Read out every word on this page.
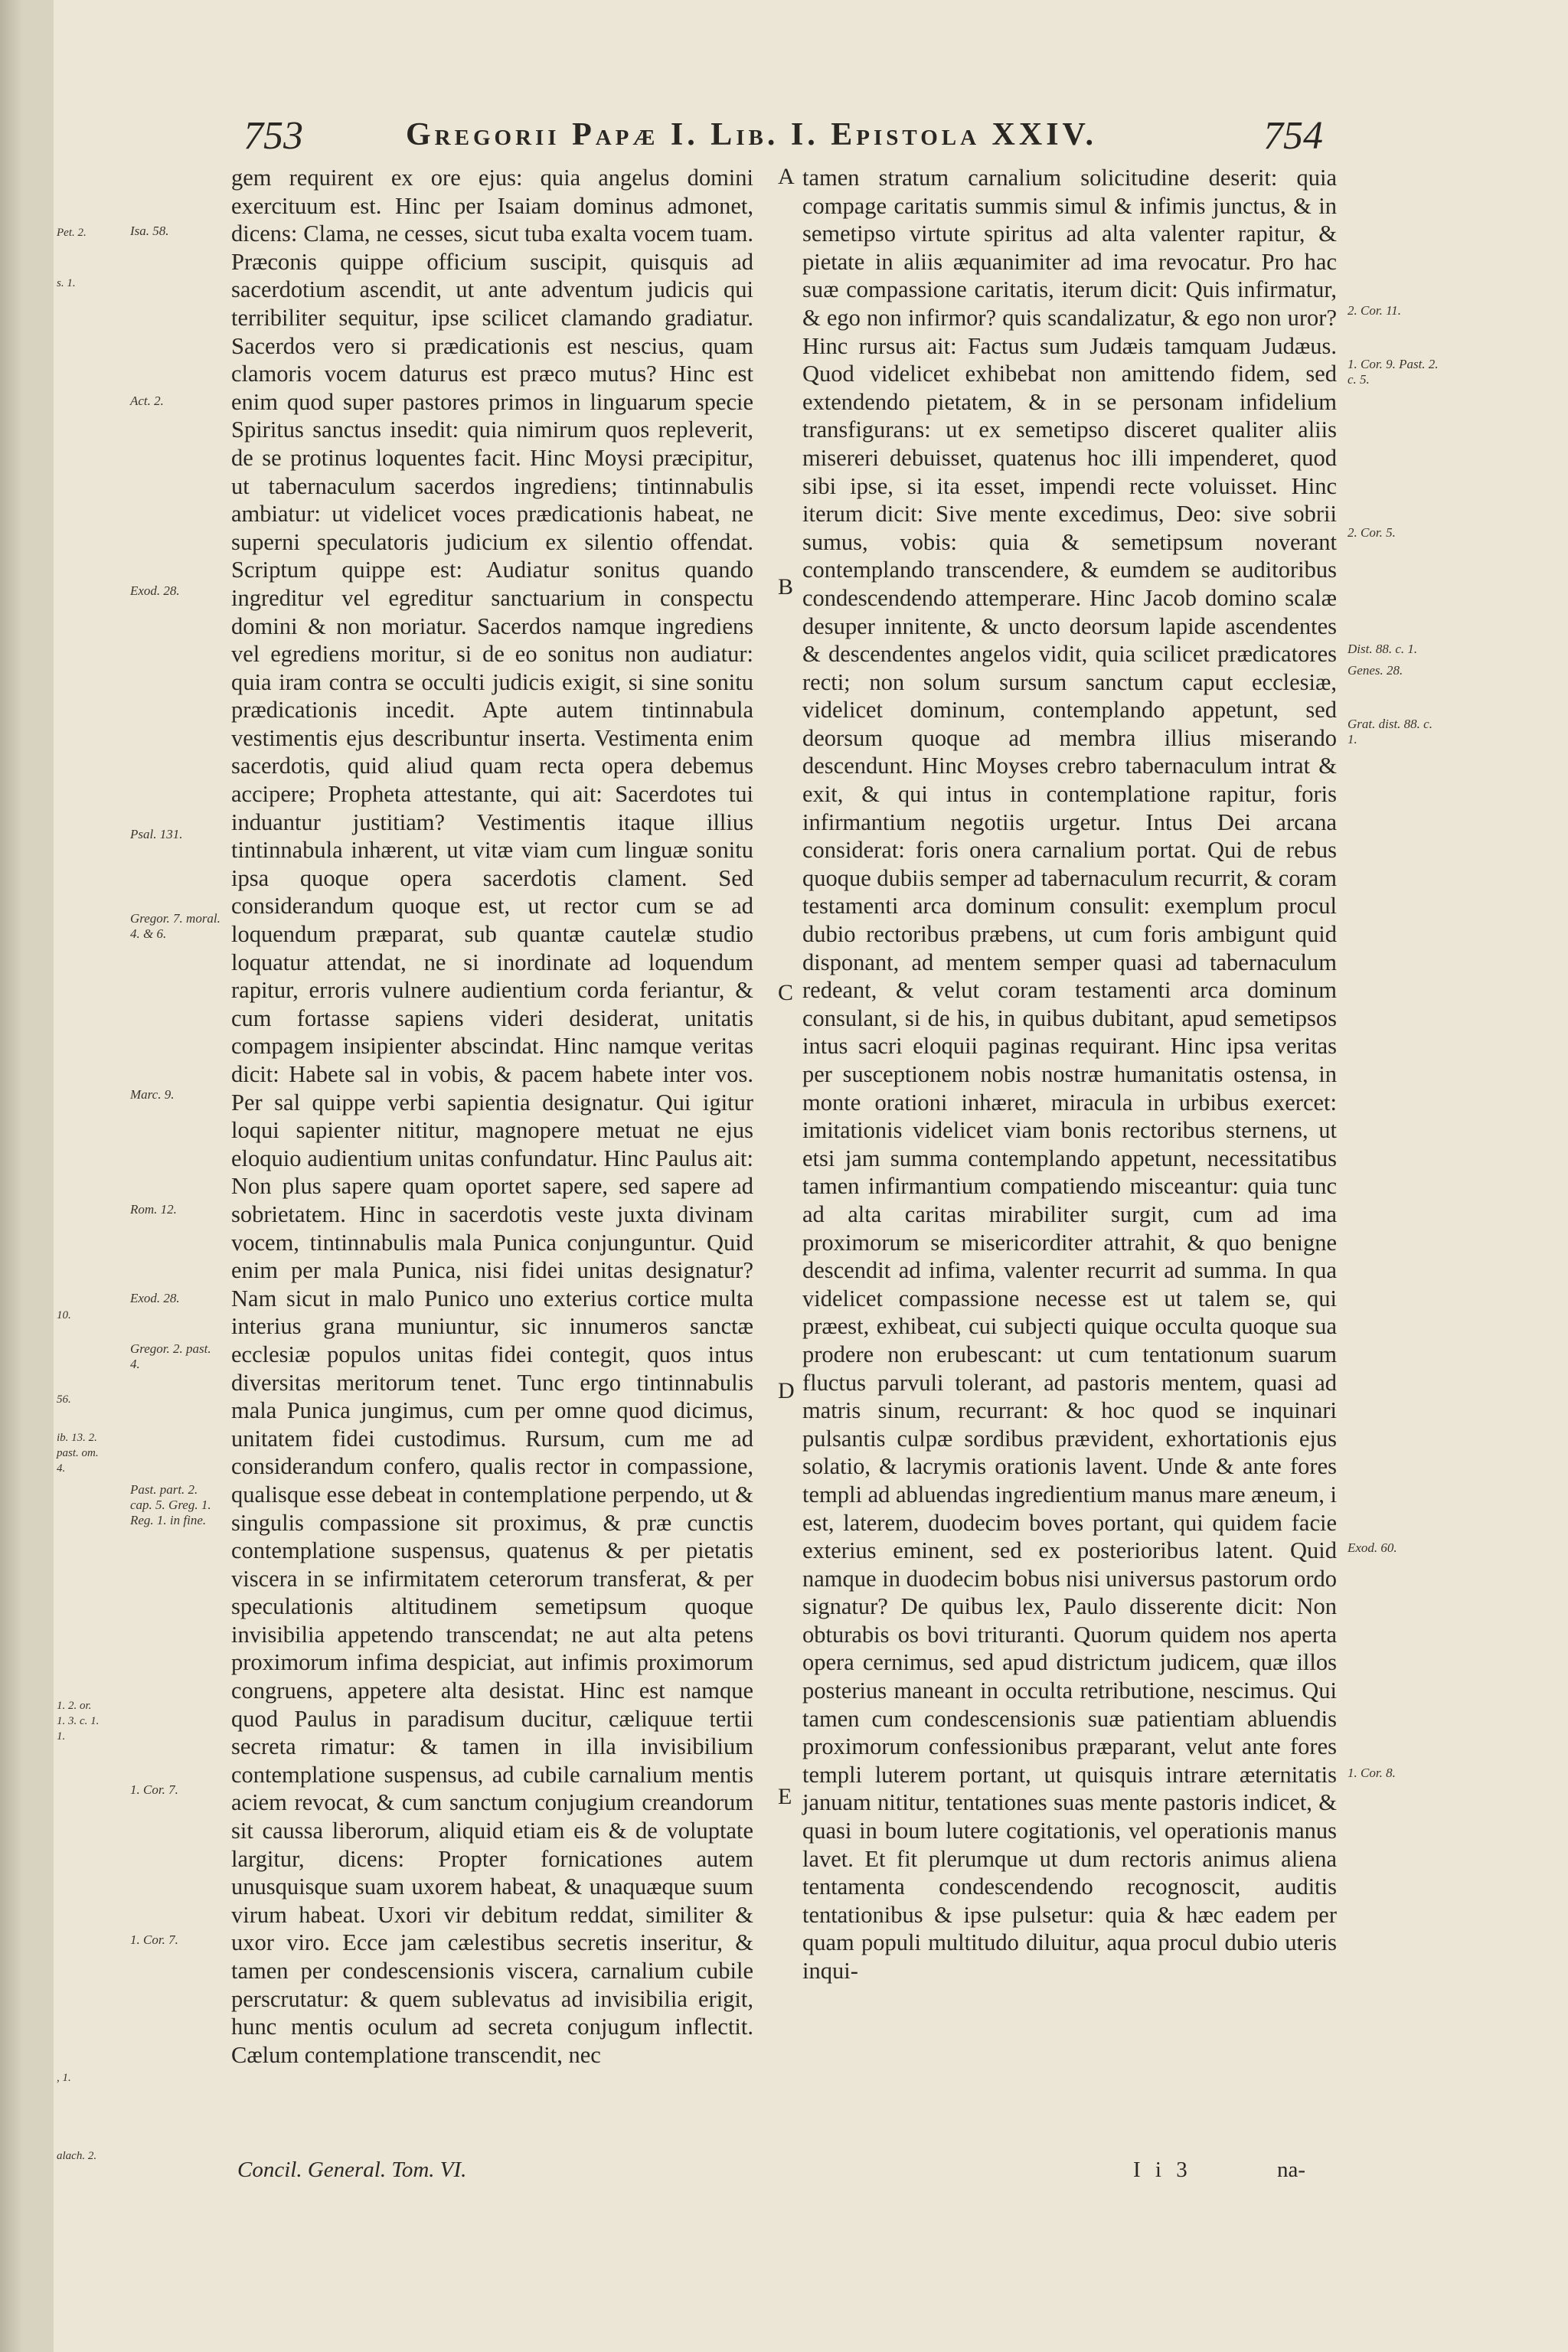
753	Gregorii Papæ I. Lib. I. Epistola XXIV.	754

gem requirent ex ore ejus: quia angelus domini exercituum est. Hinc per Isaiam dominus admonet, dicens: Clama, ne cesses, sicut tuba exalta vocem tuam. Præconis quippe officium suscipit, quisquis ad sacerdotium ascendit, ut ante adventum judicis qui terribiliter sequitur, ipse scilicet clamando gradiatur. Sacerdos vero si prædicationis est nescius, quam clamoris vocem daturus est præco mutus? Hinc est enim quod super pastores primos in linguarum specie Spiritus sanctus insedit: quia nimirum quos repleverit, de se protinus loquentes facit. Hinc Moysi præcipitur, ut tabernaculum sacerdos ingrediens; tintinnabulis ambiatur: ut videlicet voces prædicationis habeat, ne superni speculatoris judicium ex silentio offendat. Scriptum quippe est: Audiatur sonitus quando ingreditur vel egreditur sanctuarium in conspectu domini & non moriatur. Sacerdos namque ingrediens vel egrediens moritur, si de eo sonitus non audiatur: quia iram contra se occulti judicis exigit, si sine sonitu prædicationis incedit. Apte autem tintinnabula vestimentis ejus describuntur inserta. Vestimenta enim sacerdotis, quid aliud quam recta opera debemus accipere; Propheta attestante, qui ait: Sacerdotes tui induantur justitiam? Vestimentis itaque illius tintinnabula inhærent, ut vitæ viam cum linguæ sonitu ipsa quoque opera sacerdotis clament. Sed considerandum quoque est, ut rector cum se ad loquendum præparat, sub quantæ cautelæ studio loquatur attendat, ne si inordinate ad loquendum rapitur, erroris vulnere audientium corda feriantur, & cum fortasse sapiens videri desiderat, unitatis compagem insipienter abscindat. Hinc namque veritas dicit: Habete sal in vobis, & pacem habete inter vos. Per sal quippe verbi sapientia designatur. Qui igitur loqui sapienter nititur, magnopere metuat ne ejus eloquio audientium unitas confundatur. Hinc Paulus ait: Non plus sapere quam oportet sapere, sed sapere ad sobrietatem. Hinc in sacerdotis veste juxta divinam vocem, tintinnabulis mala Punica conjunguntur. Quid enim per mala Punica, nisi fidei unitas designatur? Nam sicut in malo Punico uno exterius cortice multa interius grana muniuntur, sic innumeros sanctæ ecclesiæ populos unitas fidei contegit, quos intus diversitas meritorum tenet. Tunc ergo tintinnabulis mala Punica jungimus, cum per omne quod dicimus, unitatem fidei custodimus. Rursum, cum me ad considerandum confero, qualis rector in compassione, qualisque esse debeat in contemplatione perpendo, ut & singulis compassione sit proximus, & præ cunctis contemplatione suspensus, quatenus & per pietatis viscera in se infirmitatem ceterorum transferat, & per speculationis altitudinem semetipsum quoque invisibilia appetendo transcendat; ne aut alta petens proximorum infima despiciat, aut infimis proximorum congruens, appetere alta desistat. Hinc est namque quod Paulus in paradisum ducitur, cæliquue tertii secreta rimatur: & tamen in illa invisibilium contemplatione suspensus, ad cubile carnalium mentis aciem revocat, & cum sanctum conjugium creandorum sit caussa liberorum, aliquid etiam eis & de voluptate largitur, dicens: Propter fornicationes autem unusquisque suam uxorem habeat, & unaquæque suum virum habeat. Uxori vir debitum reddat, similiter & uxor viro. Ecce jam cælestibus secretis inseritur, & tamen per condescensionis viscera, carnalium cubile perscrutatur: & quem sublevatus ad invisibilia erigit, hunc mentis oculum ad secreta conjugum inflectit. Cælum contemplatione transcendit, nec

tamen stratum carnalium solicitudine deserit: quia compage caritatis summis simul & infimis junctus, & in semetipso virtute spiritus ad alta valenter rapitur, & pietate in aliis æquanimiter ad ima revocatur. Pro hac suæ compassione caritatis, iterum dicit: Quis infirmatur, & ego non infirmor? quis scandalizatur, & ego non uror? Hinc rursus ait: Factus sum Judæis tamquam Judæus. Quod videlicet exhibebat non amittendo fidem, sed extendendo pietatem, & in se personam infidelium transfigurans: ut ex semetipso disceret qualiter aliis misereri debuisset, quatenus hoc illi impenderet, quod sibi ipse, si ita esset, impendi recte voluisset. Hinc iterum dicit: Sive mente excedimus, Deo: sive sobrii sumus, vobis: quia & semetipsum noverant contemplando transcendere, & eumdem se auditoribus condescendendo attemperare. Hinc Jacob domino scalæ desuper innitente, & uncto deorsum lapide ascendentes & descendentes angelos vidit, quia scilicet prædicatores recti; non solum sursum sanctum caput ecclesiæ, videlicet dominum, contemplando appetunt, sed deorsum quoque ad membra illius miserando descendunt. Hinc Moyses crebro tabernaculum intrat & exit, & qui intus in contemplatione rapitur, foris infirmantium negotiis urgetur. Intus Dei arcana considerat: foris onera carnalium portat. Qui de rebus quoque dubiis semper ad tabernaculum recurrit, & coram testamenti arca dominum consulit: exemplum procul dubio rectoribus præbens, ut cum foris ambigunt quid disponant, ad mentem semper quasi ad tabernaculum redeant, & velut coram testamenti arca dominum consulant, si de his, in quibus dubitant, apud semetipsos intus sacri eloquii paginas requirant. Hinc ipsa veritas per susceptionem nobis nostræ humanitatis ostensa, in monte orationi inhæret, miracula in urbibus exercet: imitationis videlicet viam bonis rectoribus sternens, ut etsi jam summa contemplando appetunt, necessitatibus tamen infirmantium compatiendo misceantur: quia tunc ad alta caritas mirabiliter surgit, cum ad ima proximorum se misericorditer attrahit, & quo benigne descendit ad infima, valenter recurrit ad summa. In qua videlicet compassione necesse est ut talem se, qui præest, exhibeat, cui subjecti quique occulta quoque sua prodere non erubescant: ut cum tentationum suarum fluctus parvuli tolerant, ad pastoris mentem, quasi ad matris sinum, recurrant: & hoc quod se inquinari pulsantis culpæ sordibus prævident, exhortationis ejus solatio, & lacrymis orationis lavent. Unde & ante fores templi ad abluendas ingredientium manus mare æneum, i est, laterem, duodecim boves portant, qui quidem facie exterius eminent, sed ex posterioribus latent. Quid namque in duodecim bobus nisi universus pastorum ordo signatur? De quibus lex, Paulo disserente dicit: Non obturabis os bovi trituranti. Quorum quidem nos aperta opera cernimus, sed apud districtum judicem, quæ illos posterius maneant in occulta retributione, nescimus. Qui tamen cum condescensionis suæ patientiam abluendis proximorum confessionibus præparant, velut ante fores templi luterem portant, ut quisquis intrare æternitatis januam nititur, tentationes suas mente pastoris indicet, & quasi in boum lutere cogitationis, vel operationis manus lavet. Et fit plerumque ut dum rectoris animus aliena tentamenta condescendendo recognoscit, auditis tentationibus & ipse pulsetur: quia & hæc eadem per quam populi multitudo diluitur, aqua procul dubio uteris inqui-

A
B
C
D
E
Isa. 58.
Act. 2.
Exod. 28.
Psal. 131.
Gregor. 7. moral. 4. & 6.
Marc. 9.
Rom. 12.
Exod. 28.
Gregor. 2. past. 4.
Past. part. 2. cap. 5. Greg. 1. Reg. 1. in fine.
1. Cor. 7.
1. Cor. 7.
Pet. 2.
s. 1.
10.
56.
ib. 13. 2. past. om. 4.
1. 2. or. 1. 3. c. 1. 1.
, 1.
alach. 2.
2. Cor. 11.
1. Cor. 9. Past. 2. c. 5.
2. Cor. 5.
Dist. 88. c. 1.
Genes. 28.
Grat. dist. 88. c. 1.
Exod. 60.
1. Cor. 8.
Concil. General. Tom. VI.	I i 3	na-
